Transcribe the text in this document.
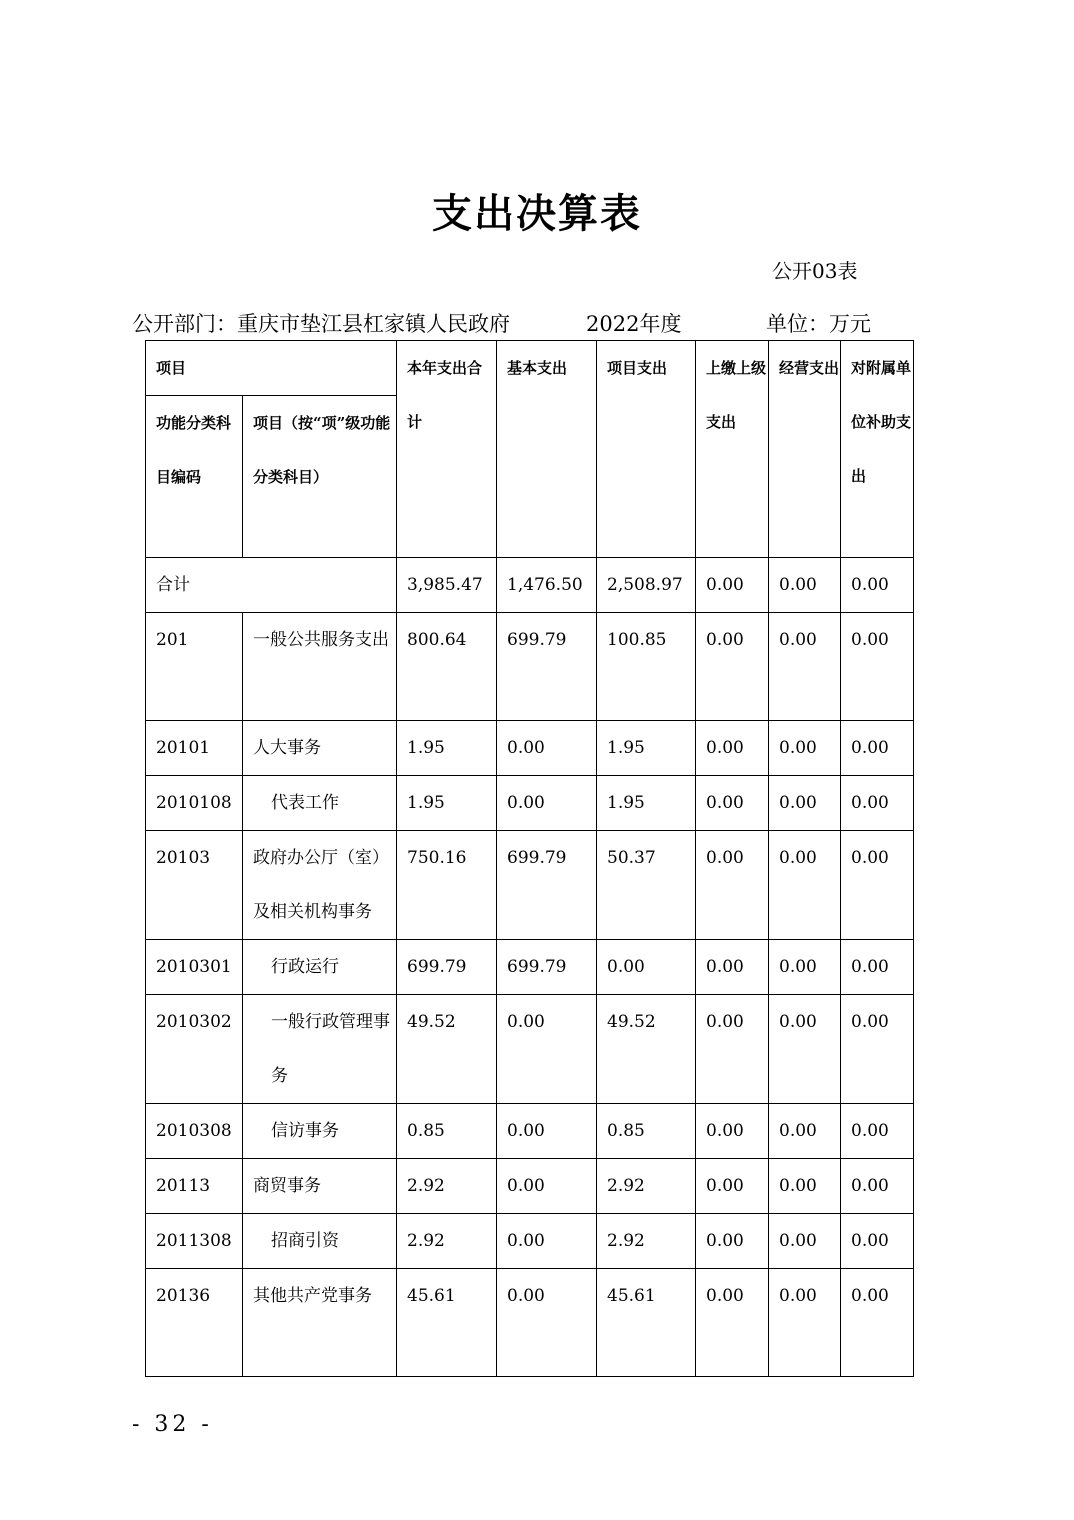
支出决算表
公开03表
公开部门：重庆市垫江县杠家镇人民政府	2022年度	单位：万元
项目		本年支出合计	基本支出	项目支出	上缴上级支出	经营支出	对附属单位补助支出
功能分类科目编码	项目（按“项”级功能分类科目）						
合计		3,985.47	1,476.50	2,508.97	0.00	0.00	0.00
201	一般公共服务支出	800.64	699.79	100.85	0.00	0.00	0.00
20101	人大事务	1.95	0.00	1.95	0.00	0.00	0.00
2010108	代表工作	1.95	0.00	1.95	0.00	0.00	0.00
20103	政府办公厅（室）及相关机构事务	750.16	699.79	50.37	0.00	0.00	0.00
2010301	行政运行	699.79	699.79	0.00	0.00	0.00	0.00
2010302	一般行政管理事务	49.52	0.00	49.52	0.00	0.00	0.00
2010308	信访事务	0.85	0.00	0.85	0.00	0.00	0.00
20113	商贸事务	2.92	0.00	2.92	0.00	0.00	0.00
2011308	招商引资	2.92	0.00	2.92	0.00	0.00	0.00
20136	其他共产党事务	45.61	0.00	45.61	0.00	0.00	0.00
- 32 -
